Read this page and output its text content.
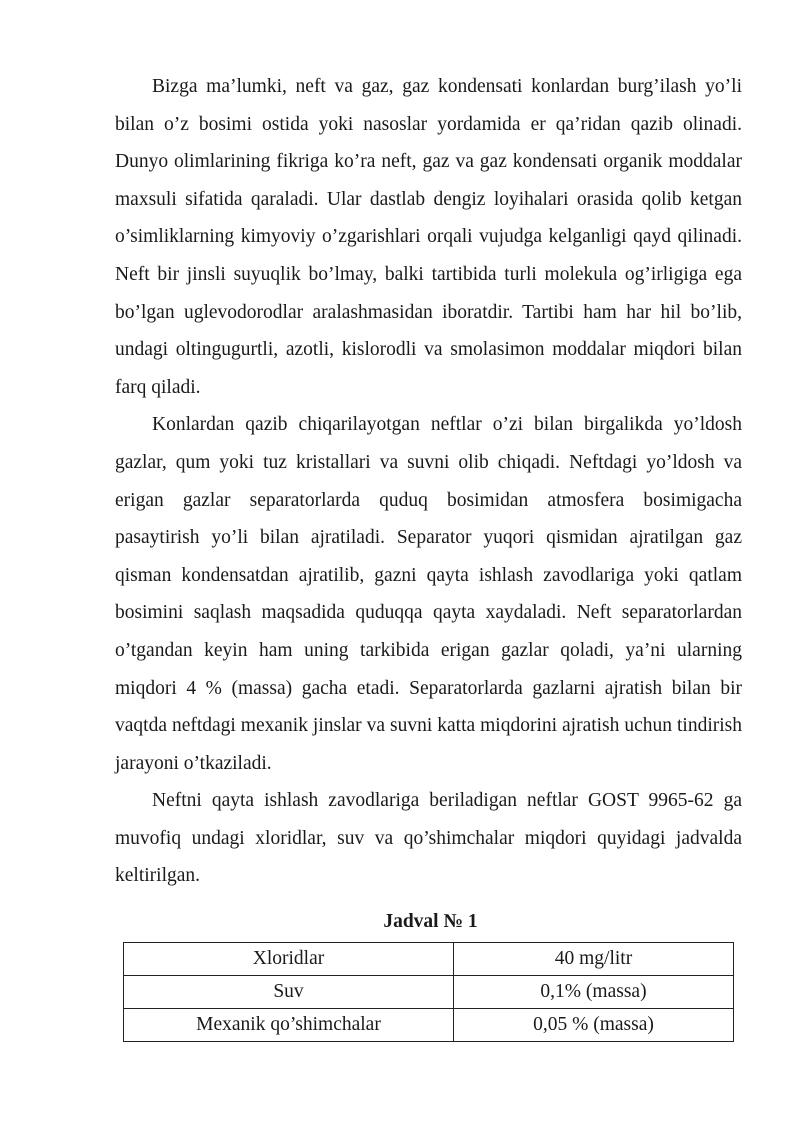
Bizga ma’lumki, neft va gaz, gaz kondensati konlardan burg’ilash yo’li bilan o’z bosimi ostida yoki nasoslar yordamida er qa’ridan qazib olinadi. Dunyo olimlarining fikriga ko’ra neft, gaz va gaz kondensati organik moddalar maxsuli sifatida qaraladi. Ular dastlab dengiz loyihalari orasida qolib ketgan o’simliklarning kimyoviy o’zgarishlari orqali vujudga kelganligi qayd qilinadi. Neft bir jinsli suyuqlik bo’lmay, balki tartibida turli molekula og’irligiga ega bo’lgan uglevodorodlar aralashmasidan iboratdir. Tartibi ham har hil bo’lib, undagi oltingugurtli, azotli, kislorodli va smolasimon moddalar miqdori bilan farq qiladi.

Konlardan qazib chiqarilayotgan neftlar o’zi bilan birgalikda yo’ldosh gazlar, qum yoki tuz kristallari va suvni olib chiqadi. Neftdagi yo’ldosh va erigan gazlar separatorlarda quduq bosimidan atmosfera bosimigacha pasaytirish yo’li bilan ajratiladi. Separator yuqori qismidan ajratilgan gaz qisman kondensatdan ajratilib, gazni qayta ishlash zavodlariga yoki qatlam bosimini saqlash maqsadida quduqqa qayta xaydaladi. Neft separatorlardan o’tgandan keyin ham uning tarkibida erigan gazlar qoladi, ya’ni ularning miqdori 4 % (massa) gacha etadi. Separatorlarda gazlarni ajratish bilan bir vaqtda neftdagi mexanik jinslar va suvni katta miqdorini ajratish uchun tindirish jarayoni o’tkaziladi.

Neftni qayta ishlash zavodlariga beriladigan neftlar GOST 9965-62 ga muvofiq undagi xloridlar, suv va qo’shimchalar miqdori quyidagi jadvalda keltirilgan.

Jadval № 1
Xloridlar	40 mg/litr
Suv	0,1% (massa)
Mexanik qo’shimchalar	0,05 % (massa)
